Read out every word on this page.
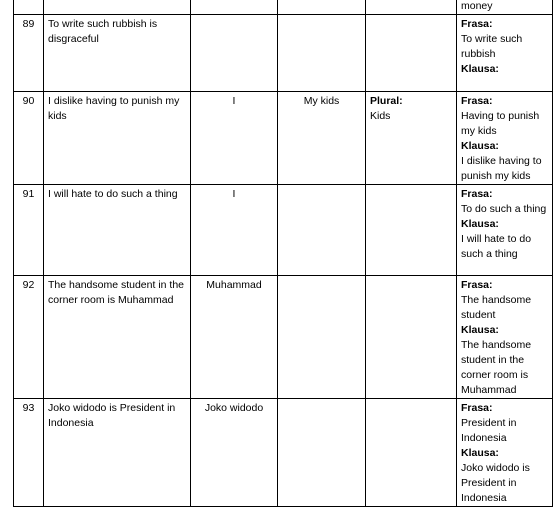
					money
89	To write such rubbish is disgraceful				Frasa:
To write such rubbish
Klausa:

90	I dislike having to punish my kids	I	My kids	Plural:
Kids	Frasa:
Having to punish my kids
Klausa:
I dislike having to punish my kids

91	I will hate to do such a thing	I			Frasa:
To do such a thing
Klausa:
I will hate to do such a thing

92	The handsome student in the corner room is Muhammad	Muhammad			Frasa:
The handsome student
Klausa:
The handsome student in the corner room is Muhammad

93	Joko widodo is President in Indonesia	Joko widodo			Frasa:
President in Indonesia
Klausa:
Joko widodo is President in Indonesia
